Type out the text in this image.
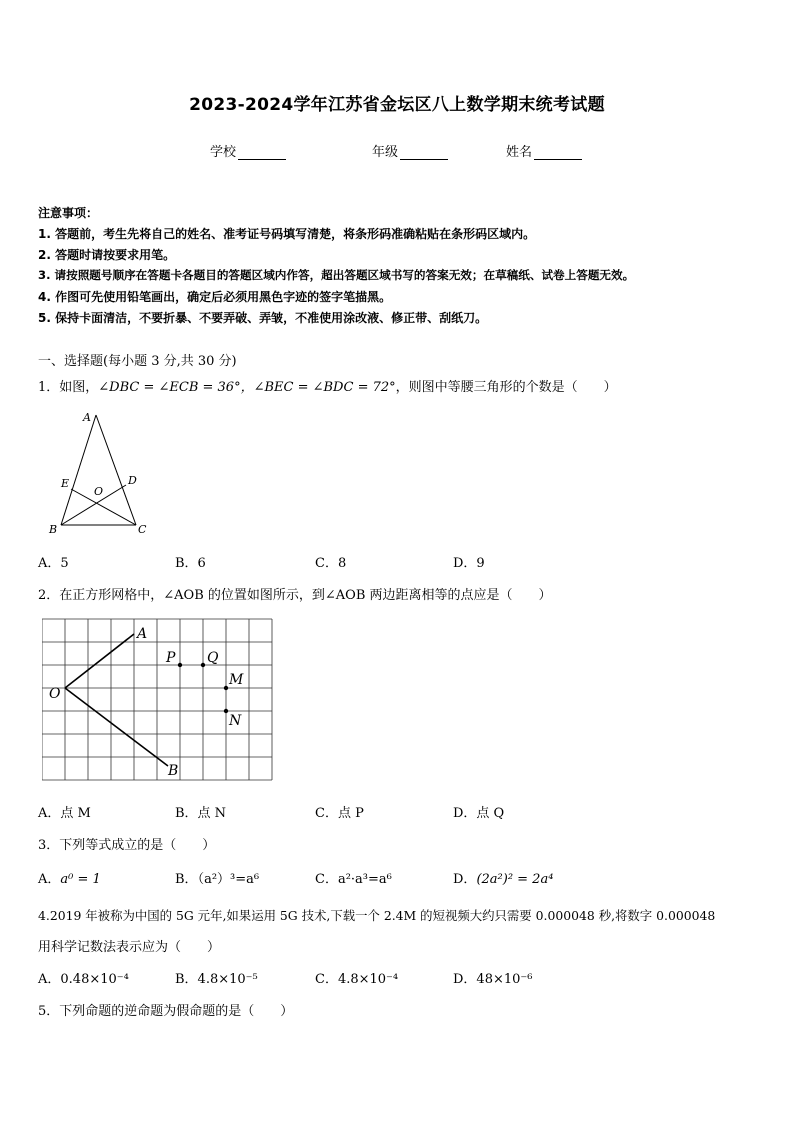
2023-2024学年江苏省金坛区八上数学期末统考试题
学校	年级	姓名
注意事项：
1. 答题前，考生先将自己的姓名、准考证号码填写清楚，将条形码准确粘贴在条形码区域内。
2. 答题时请按要求用笔。
3. 请按照题号顺序在答题卡各题目的答题区域内作答，超出答题区域书写的答案无效；在草稿纸、试卷上答题无效。
4. 作图可先使用铅笔画出，确定后必须用黑色字迹的签字笔描黑。
5. 保持卡面清洁，不要折暴、不要弄破、弄皱，不准使用涂改液、修正带、刮纸刀。
一、选择题(每小题 3 分,共 30 分)
1．如图，∠DBC = ∠ECB = 36°，∠BEC = ∠BDC = 72°，则图中等腰三角形的个数是（　　）
A
B	C
D
E
O
A．5	B．6	C．8	D．9
2．在正方形网格中，∠AOB 的位置如图所示，到∠AOB 两边距离相等的点应是（　　）
A
B
O
P Q
M
N
A．点 M	B．点 N	C．点 P	D．点 Q
3．下列等式成立的是（　　）
A．a⁰ = 1	B．（a²）³=a⁶	C．a²·a³=a⁶	D．(2a²)² = 2a⁴
4.2019 年被称为中国的 5G 元年,如果运用 5G 技术,下载一个 2.4M 的短视频大约只需要 0.000048 秒,将数字 0.000048
用科学记数法表示应为（　　）
A．0.48×10⁻⁴	B．4.8×10⁻⁵	C．4.8×10⁻⁴	D．48×10⁻⁶
5．下列命题的逆命题为假命题的是（　　）
